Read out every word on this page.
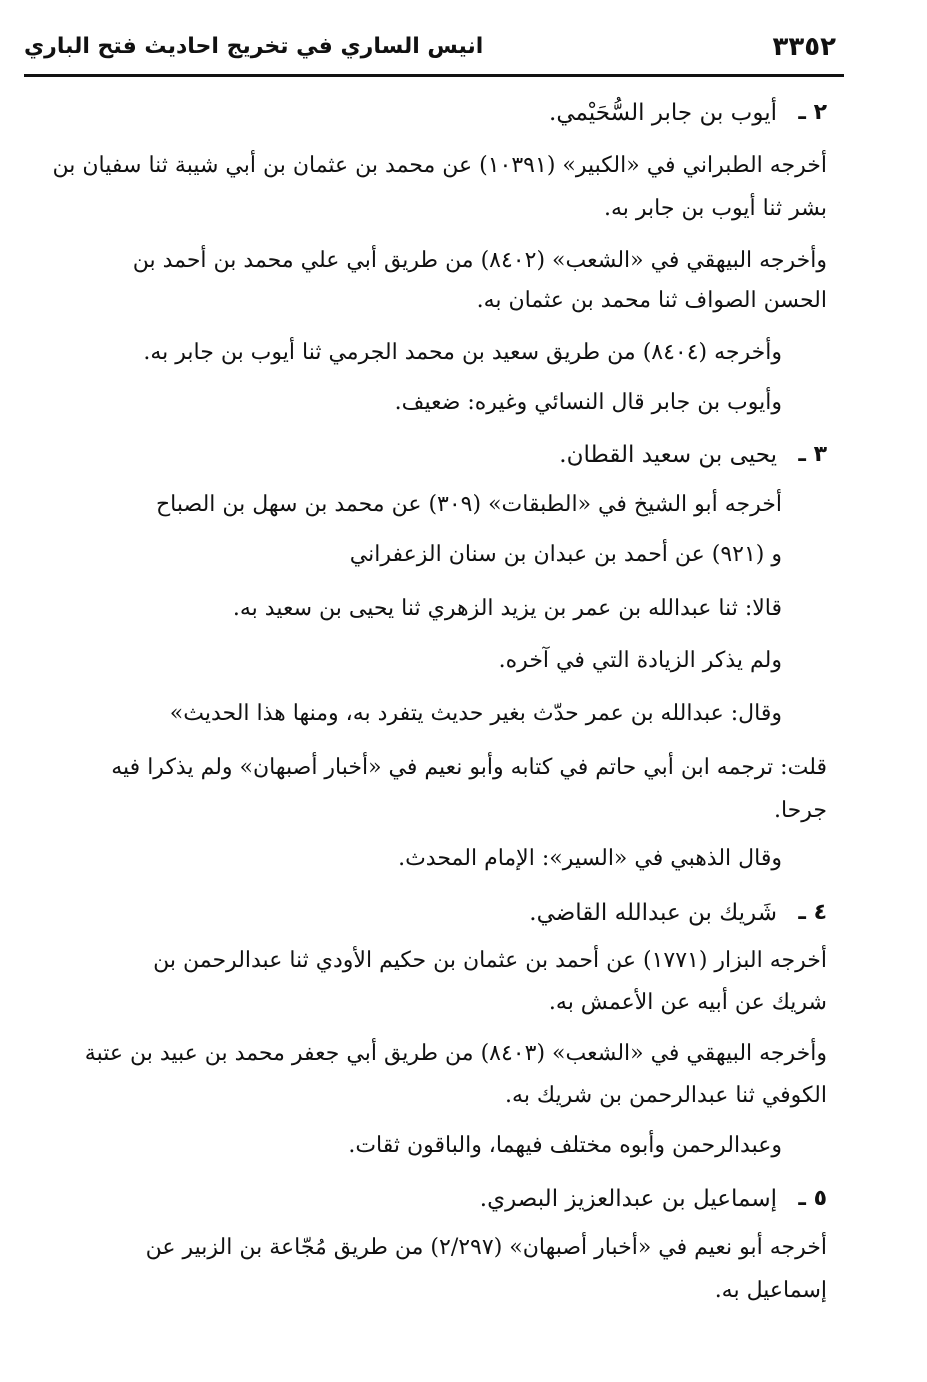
٣٣٥٢
انيس الساري في تخريج احاديث فتح الباري
٢ ـ
أيوب بن جابر السُّحَيْمي.
أخرجه الطبراني في «الكبير» (١٠٣٩١) عن محمد بن عثمان بن أبي شيبة ثنا سفيان بن
بشر ثنا أيوب بن جابر به.
وأخرجه البيهقي في «الشعب» (٨٤٠٢) من طريق أبي علي محمد بن أحمد بن
الحسن الصواف ثنا محمد بن عثمان به.
وأخرجه (٨٤٠٤) من طريق سعيد بن محمد الجرمي ثنا أيوب بن جابر به.
وأيوب بن جابر قال النسائي وغيره: ضعيف.
٣ ـ
يحيى بن سعيد القطان.
أخرجه أبو الشيخ في «الطبقات» (٣٠٩) عن محمد بن سهل بن الصباح
و (٩٢١) عن أحمد بن عبدان بن سنان الزعفراني
قالا: ثنا عبدالله بن عمر بن يزيد الزهري ثنا يحيى بن سعيد به.
ولم يذكر الزيادة التي في آخره.
وقال: عبدالله بن عمر حدّث بغير حديث يتفرد به، ومنها هذا الحديث»
قلت: ترجمه ابن أبي حاتم في كتابه وأبو نعيم في «أخبار أصبهان» ولم يذكرا فيه
جرحا.
وقال الذهبي في «السير»: الإمام المحدث.
٤ ـ
شَريك بن عبدالله القاضي.
أخرجه البزار (١٧٧١) عن أحمد بن عثمان بن حكيم الأودي ثنا عبدالرحمن بن
شريك عن أبيه عن الأعمش به.
وأخرجه البيهقي في «الشعب» (٨٤٠٣) من طريق أبي جعفر محمد بن عبيد بن عتبة
الكوفي ثنا عبدالرحمن بن شريك به.
وعبدالرحمن وأبوه مختلف فيهما، والباقون ثقات.
٥ ـ
إسماعيل بن عبدالعزيز البصري.
أخرجه أبو نعيم في «أخبار أصبهان» (٢/٢٩٧) من طريق مُجّاعة بن الزبير عن
إسماعيل به.
